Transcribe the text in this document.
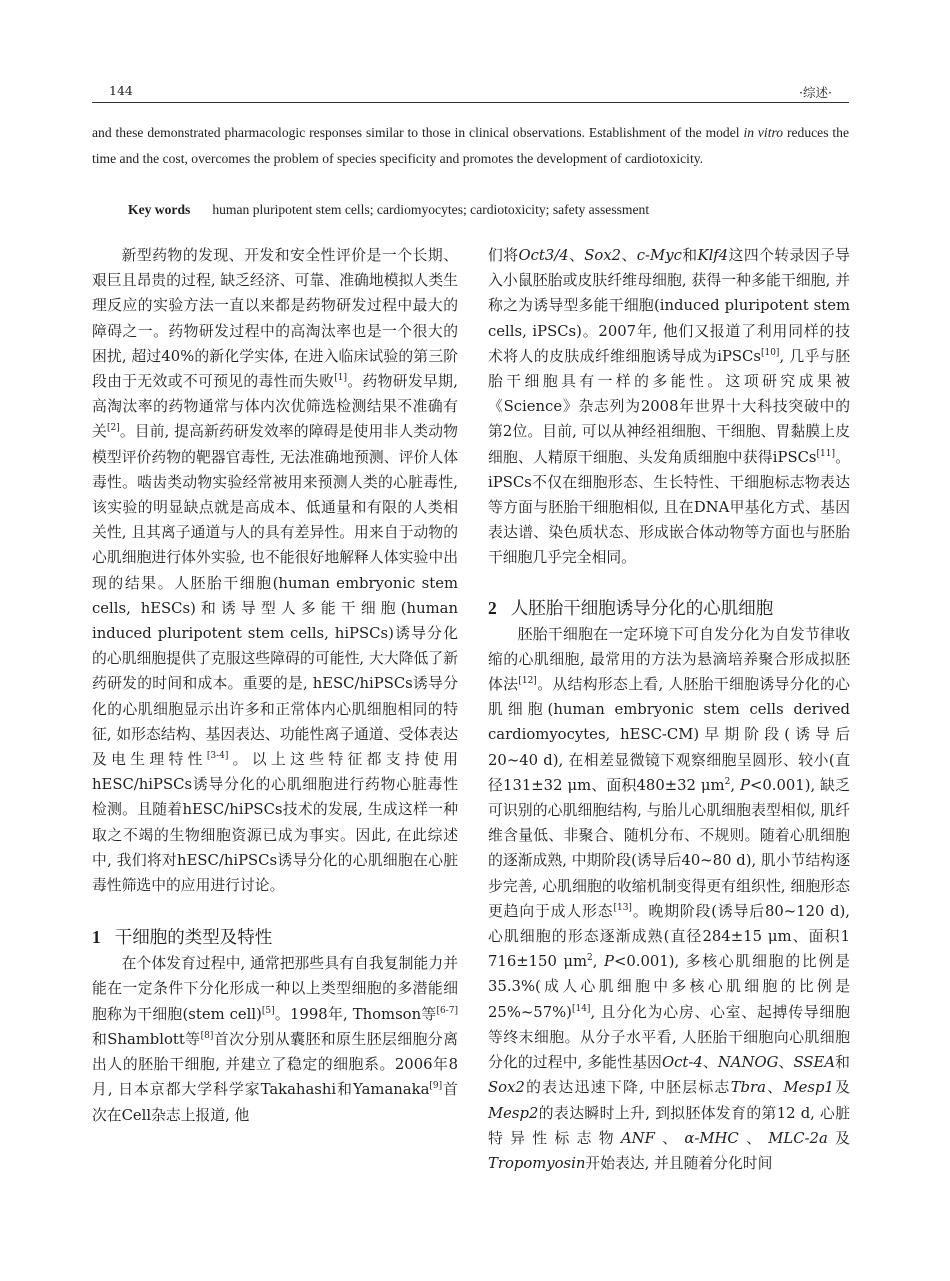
144	·综述·

and these demonstrated pharmacologic responses similar to those in clinical observations. Establishment of the model in vitro reduces the time and the cost, overcomes the problem of species specificity and promotes the development of cardiotoxicity.

Key words human pluripotent stem cells; cardiomyocytes; cardiotoxicity; safety assessment

新型药物的发现、开发和安全性评价是一个长期、艰巨且昂贵的过程, 缺乏经济、可靠、准确地模拟人类生理反应的实验方法一直以来都是药物研发过程中最大的障碍之一。药物研发过程中的高淘汰率也是一个很大的困扰, 超过40%的新化学实体, 在进入临床试验的第三阶段由于无效或不可预见的毒性而失败[1]。药物研发早期, 高淘汰率的药物通常与体内次优筛选检测结果不准确有关[2]。目前, 提高新药研发效率的障碍是使用非人类动物模型评价药物的靶器官毒性, 无法准确地预测、评价人体毒性。啮齿类动物实验经常被用来预测人类的心脏毒性, 该实验的明显缺点就是高成本、低通量和有限的人类相关性, 且其离子通道与人的具有差异性。用来自于动物的心肌细胞进行体外实验, 也不能很好地解释人体实验中出现的结果。人胚胎干细胞(human embryonic stem cells, hESCs)和诱导型人多能干细胞(human induced pluripotent stem cells, hiPSCs)诱导分化的心肌细胞提供了克服这些障碍的可能性, 大大降低了新药研发的时间和成本。重要的是, hESC/hiPSCs诱导分化的心肌细胞显示出许多和正常体内心肌细胞相同的特征, 如形态结构、基因表达、功能性离子通道、受体表达及电生理特性[3-4]。以上这些特征都支持使用hESC/hiPSCs诱导分化的心肌细胞进行药物心脏毒性检测。且随着hESC/hiPSCs技术的发展, 生成这样一种取之不竭的生物细胞资源已成为事实。因此, 在此综述中, 我们将对hESC/hiPSCs诱导分化的心肌细胞在心脏毒性筛选中的应用进行讨论。

1 干细胞的类型及特性

在个体发育过程中, 通常把那些具有自我复制能力并能在一定条件下分化形成一种以上类型细胞的多潜能细胞称为干细胞(stem cell)[5]。1998年, Thomson等[6-7]和Shamblott等[8]首次分别从囊胚和原生胚层细胞分离出人的胚胎干细胞, 并建立了稳定的细胞系。2006年8月, 日本京都大学科学家Takahashi和Yamanaka[9]首次在Cell杂志上报道, 他

们将Oct3/4、Sox2、c-Myc和Klf4这四个转录因子导入小鼠胚胎或皮肤纤维母细胞, 获得一种多能干细胞, 并称之为诱导型多能干细胞(induced pluripotent stem cells, iPSCs)。2007年, 他们又报道了利用同样的技术将人的皮肤成纤维细胞诱导成为iPSCs[10], 几乎与胚胎干细胞具有一样的多能性。这项研究成果被《Science》杂志列为2008年世界十大科技突破中的第2位。目前, 可以从神经祖细胞、干细胞、胃黏膜上皮细胞、人精原干细胞、头发角质细胞中获得iPSCs[11]。iPSCs不仅在细胞形态、生长特性、干细胞标志物表达等方面与胚胎干细胞相似, 且在DNA甲基化方式、基因表达谱、染色质状态、形成嵌合体动物等方面也与胚胎干细胞几乎完全相同。

2 人胚胎干细胞诱导分化的心肌细胞

胚胎干细胞在一定环境下可自发分化为自发节律收缩的心肌细胞, 最常用的方法为悬滴培养聚合形成拟胚体法[12]。从结构形态上看, 人胚胎干细胞诱导分化的心肌细胞(human embryonic stem cells derived cardiomyocytes, hESC-CM)早期阶段(诱导后20~40 d), 在相差显微镜下观察细胞呈圆形、较小(直径131±32 μm、面积480±32 $\mu m^2$, P<0.001), 缺乏可识别的心肌细胞结构, 与胎儿心肌细胞表型相似, 肌纤维含量低、非聚合、随机分布、不规则。随着心肌细胞的逐渐成熟, 中期阶段(诱导后40~80 d), 肌小节结构逐步完善, 心肌细胞的收缩机制变得更有组织性, 细胞形态更趋向于成人形态[13]。晚期阶段(诱导后80~120 d), 心肌细胞的形态逐渐成熟(直径284±15 μm、面积1 716±150 $\mu m^2$, P<0.001), 多核心肌细胞的比例是35.3%(成人心肌细胞中多核心肌细胞的比例是25%~57%)[14], 且分化为心房、心室、起搏传导细胞等终末细胞。从分子水平看, 人胚胎干细胞向心肌细胞分化的过程中, 多能性基因Oct-4、NANOG、SSEA和Sox2的表达迅速下降, 中胚层标志Tbra、Mesp1及Mesp2的表达瞬时上升, 到拟胚体发育的第12 d, 心脏特异性标志物ANF、α-MHC、MLC-2a及Tropomyosin开始表达, 并且随着分化时间
